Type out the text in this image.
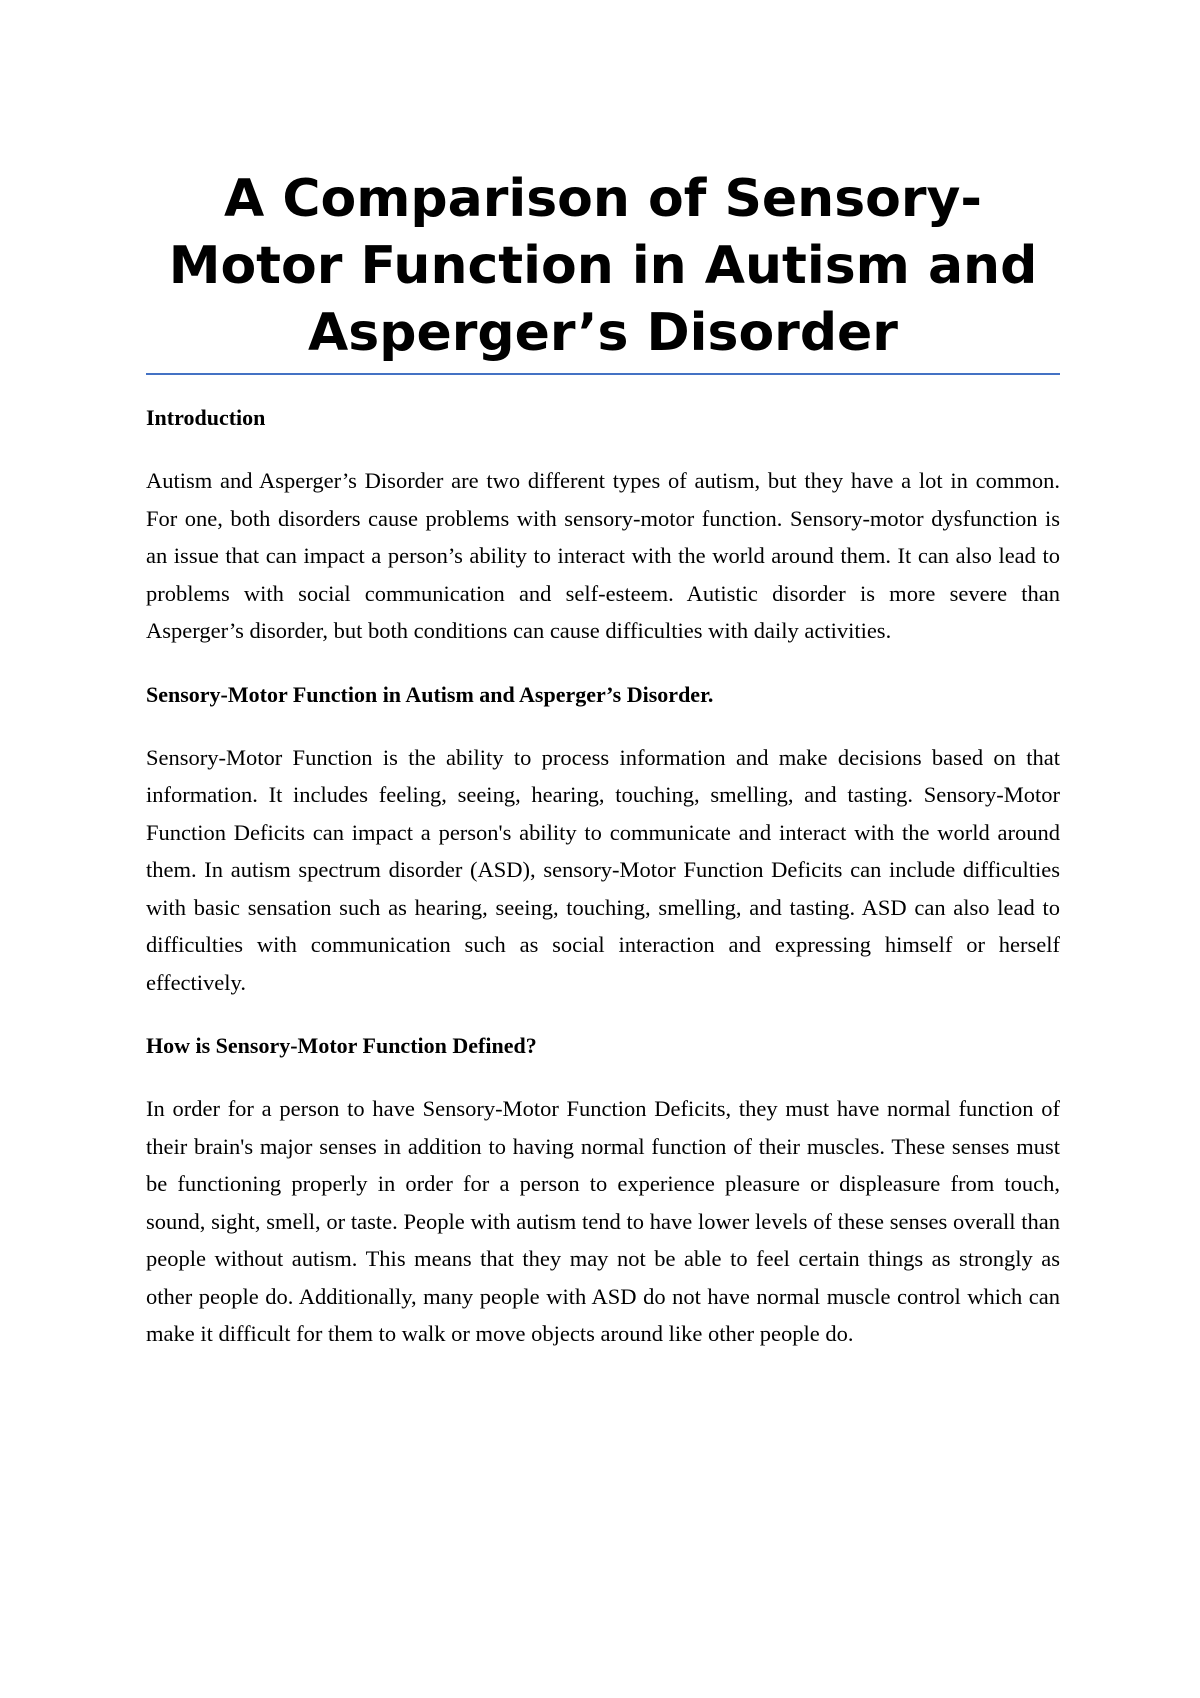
A Comparison of Sensory-Motor Function in Autism and Asperger’s Disorder
Introduction

Autism and Asperger’s Disorder are two different types of autism, but they have a lot in common. For one, both disorders cause problems with sensory-motor function. Sensory-motor dysfunction is an issue that can impact a person’s ability to interact with the world around them. It can also lead to problems with social communication and self-esteem. Autistic disorder is more severe than Asperger’s disorder, but both conditions can cause difficulties with daily activities.

Sensory-Motor Function in Autism and Asperger’s Disorder.

Sensory-Motor Function is the ability to process information and make decisions based on that information. It includes feeling, seeing, hearing, touching, smelling, and tasting. Sensory-Motor Function Deficits can impact a person's ability to communicate and interact with the world around them. In autism spectrum disorder (ASD), sensory-Motor Function Deficits can include difficulties with basic sensation such as hearing, seeing, touching, smelling, and tasting. ASD can also lead to difficulties with communication such as social interaction and expressing himself or herself effectively.

How is Sensory-Motor Function Defined?

In order for a person to have Sensory-Motor Function Deficits, they must have normal function of their brain's major senses in addition to having normal function of their muscles. These senses must be functioning properly in order for a person to experience pleasure or displeasure from touch, sound, sight, smell, or taste. People with autism tend to have lower levels of these senses overall than people without autism. This means that they may not be able to feel certain things as strongly as other people do. Additionally, many people with ASD do not have normal muscle control which can make it difficult for them to walk or move objects around like other people do.
